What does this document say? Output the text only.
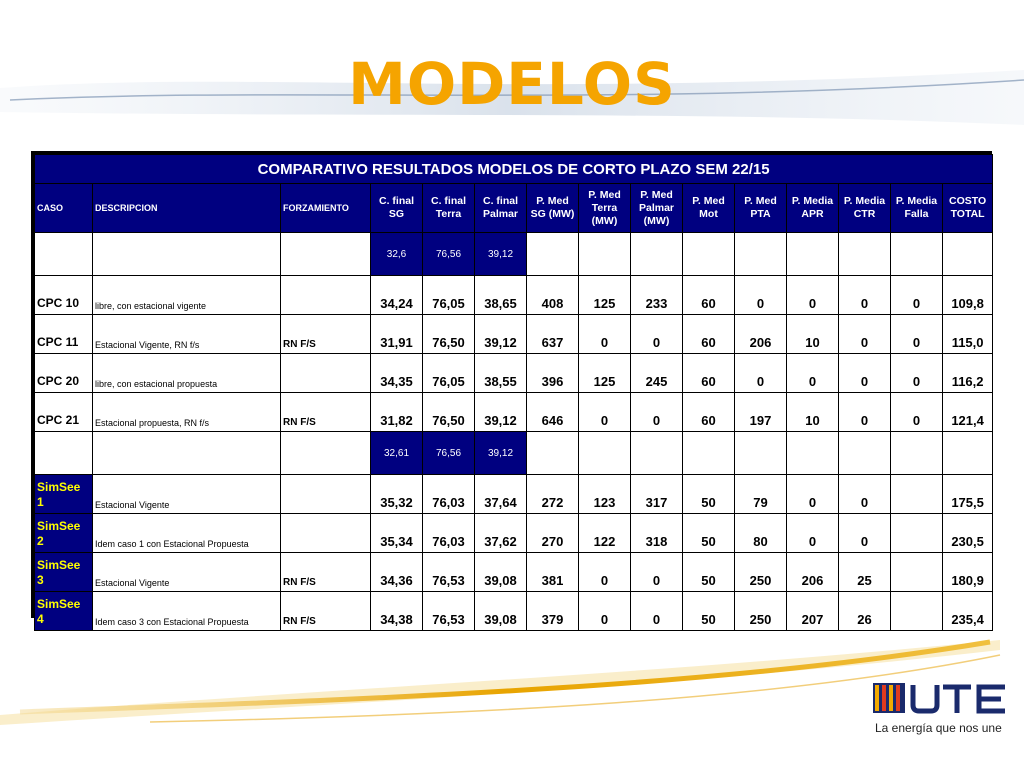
MODELOS
COMPARATIVO RESULTADOS MODELOS DE CORTO PLAZO SEM 22/15														
CASO	DESCRIPCION	FORZAMIENTO	C. final SG	C. final Terra	C. final Palmar	P. Med SG (MW)	P. Med Terra (MW)	P. Med Palmar (MW)	P. Med Mot	P. Med PTA	P. Media APR	P. Media CTR	P. Media Falla	COSTO TOTAL
			32,6	76,56	39,12									
CPC 10	libre, con estacional vigente		34,24	76,05	38,65	408	125	233	60	0	0	0	0	109,8
CPC 11	Estacional Vigente, RN f/s	RN F/S	31,91	76,50	39,12	637	0	0	60	206	10	0	0	115,0
CPC 20	libre, con estacional propuesta		34,35	76,05	38,55	396	125	245	60	0	0	0	0	116,2
CPC 21	Estacional propuesta, RN f/s	RN F/S	31,82	76,50	39,12	646	0	0	60	197	10	0	0	121,4
			32,61	76,56	39,12									
SimSee 1	Estacional Vigente		35,32	76,03	37,64	272	123	317	50	79	0	0		175,5
SimSee 2	Idem caso 1 con Estacional Propuesta		35,34	76,03	37,62	270	122	318	50	80	0	0		230,5
SimSee 3	Estacional Vigente	RN F/S	34,36	76,53	39,08	381	0	0	50	250	206	25		180,9
SimSee 4	Idem caso 3 con Estacional Propuesta	RN F/S	34,38	76,53	39,08	379	0	0	50	250	207	26		235,4
La energía que nos une
